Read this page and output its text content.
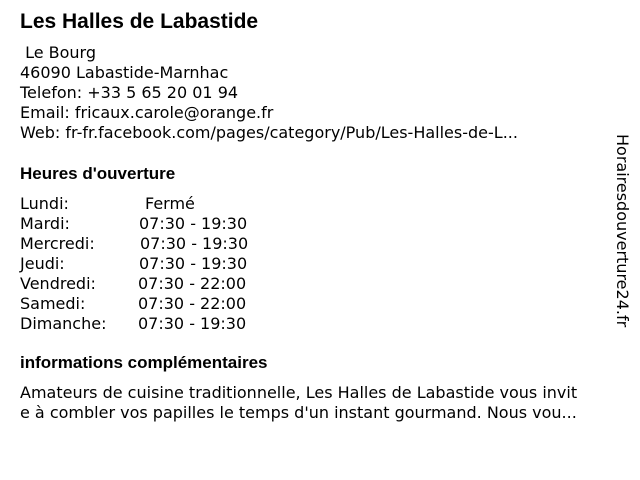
Les Halles de Labastide
Le Bourg
46090 Labastide-Marnhac
Telefon: +33 5 65 20 01 94
Email: fricaux.carole@orange.fr
Web: fr-fr.facebook.com/pages/category/Pub/Les-Halles-de-L...
Heures d'ouverture
Lundi:	Fermé
Mardi:	07:30 - 19:30
Mercredi:	07:30 - 19:30
Jeudi:	07:30 - 19:30
Vendredi:	07:30 - 22:00
Samedi:	07:30 - 22:00
Dimanche: 07:30 - 19:30
informations complémentaires
Amateurs de cuisine traditionnelle, Les Halles de Labastide vous invit
e à combler vos papilles le temps d'un instant gourmand. Nous vou...
Horairesdouverture24.fr
